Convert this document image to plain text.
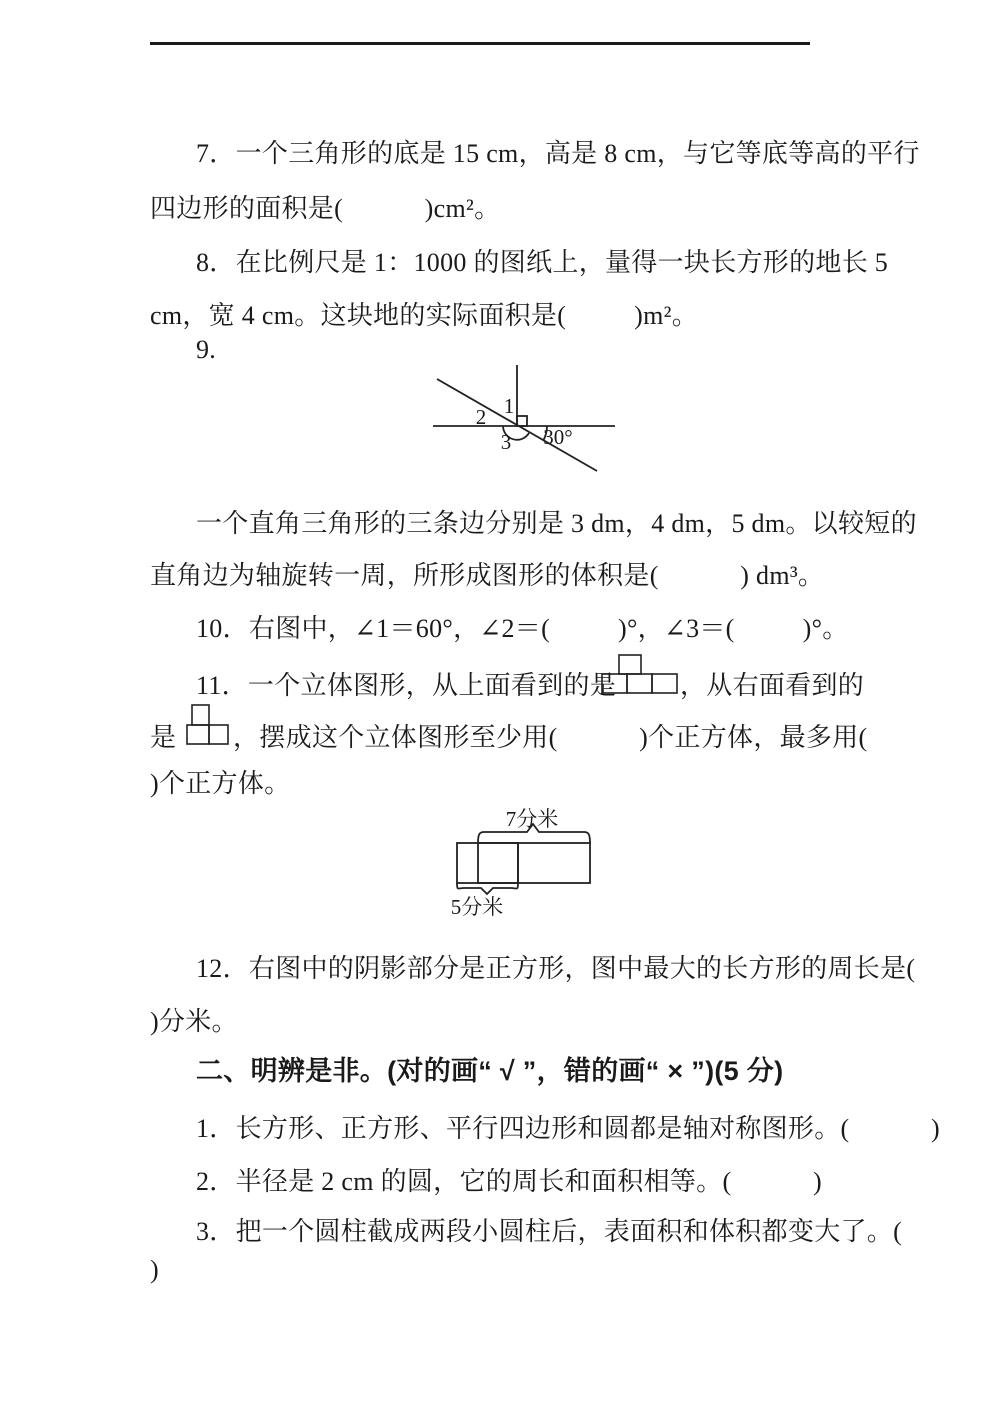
7．一个三角形的底是 15 cm，高是 8 cm，与它等底等高的平行
四边形的面积是(            )cm²。
8．在比例尺是 1：1000 的图纸上，量得一块长方形的地长 5
cm，宽 4 cm。这块地的实际面积是(          )m²。
9.
1
2
3 30°
一个直角三角形的三条边分别是 3 dm，4 dm，5 dm。以较短的
直角边为轴旋转一周，所形成图形的体积是(            ) dm³。
10．右图中，∠1＝60°，∠2＝(          )°，∠3＝(          )°。
11．一个立体图形，从上面看到的是 ，从右面看到的
是 ，摆成这个立体图形至少用(            )个正方体，最多用(
)个正方体。
7分米
5分米
12．右图中的阴影部分是正方形，图中最大的长方形的周长是(
)分米。
二、明辨是非。(对的画“ √ ”，错的画“ × ”)(5 分)
1．长方形、正方形、平行四边形和圆都是轴对称图形。(            )
2．半径是 2 cm 的圆，它的周长和面积相等。(            )
3．把一个圆柱截成两段小圆柱后，表面积和体积都变大了。(
)
